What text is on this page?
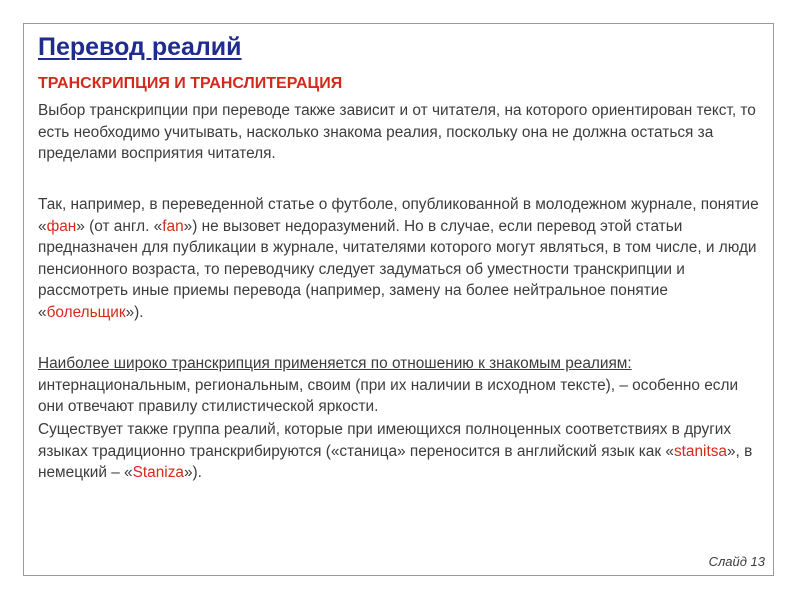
Перевод реалий
ТРАНСКРИПЦИЯ И ТРАНСЛИТЕРАЦИЯ

Выбор транскрипции при переводе также зависит и от читателя, на которого ориентирован текст, то есть необходимо учитывать, насколько знакома реалия, поскольку она не должна остаться за пределами восприятия читателя.

Так, например, в переведенной статье о футболе, опубликованной в молодежном журнале, понятие «фан» (от англ. «fan») не вызовет недоразумений. Но в случае, если перевод этой статьи предназначен для публикации в журнале, читателями которого могут являться, в том числе, и люди пенсионного возраста, то переводчику следует задуматься об уместности транскрипции и рассмотреть иные приемы перевода (например, замену на более нейтральное понятие «болельщик»).

Наиболее широко транскрипция применяется по отношению к знакомым реалиям: интернациональным, региональным, своим (при их наличии в исходном тексте), – особенно если они отвечают правилу стилистической яркости.

Существует также группа реалий, которые при имеющихся полноценных соответствиях в других языках традиционно транскрибируются («станица» переносится в английский язык как «stanitsa», в немецкий – «Staniza»).

Слайд 13
